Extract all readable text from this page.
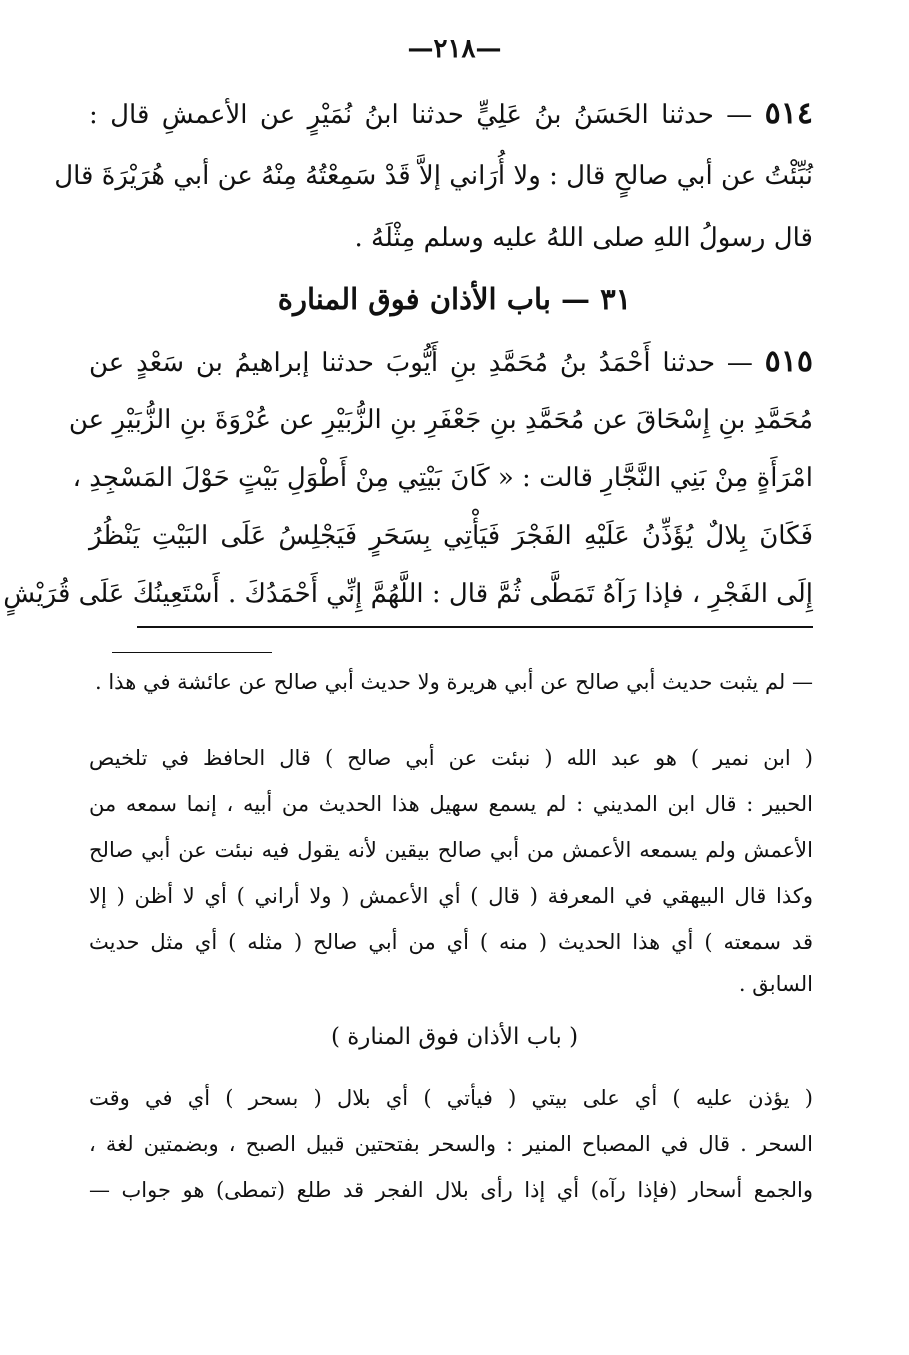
—٢١٨—
٥١٤ — حدثنا الحَسَنُ بنُ عَلِيٍّ حدثنا ابنُ نُمَيْرٍ عن الأعمشِ قال :
نُبِّئْتُ عن أبي صالحٍ قال : ولا أُرَاني إلاَّ قَدْ سَمِعْتُهُ مِنْهُ عن أبي هُرَيْرَةَ قال
قال رسولُ اللهِ صلى اللهُ عليه وسلم مِثْلَهُ .
٣١ — باب الأذان فوق المنارة
٥١٥ — حدثنا أَحْمَدُ بنُ مُحَمَّدِ بنِ أَيُّوبَ حدثنا إبراهيمُ بن سَعْدٍ عن
مُحَمَّدِ بنِ إِسْحَاقَ عن مُحَمَّدِ بنِ جَعْفَرِ بنِ الزُّبَيْرِ عن عُرْوَةَ بنِ الزُّبَيْرِ عن
امْرَأَةٍ مِنْ بَنِي النَّجَّارِ قالت : « كَانَ بَيْتِي مِنْ أَطْوَلِ بَيْتٍ حَوْلَ المَسْجِدِ ،
فَكَانَ بِلالٌ يُؤَذِّنُ عَلَيْهِ الفَجْرَ فَيَأْتِي بِسَحَرٍ فَيَجْلِسُ عَلَى البَيْتِ يَنْظُرُ
إِلَى الفَجْرِ ، فإذا رَآهُ تَمَطَّى ثُمَّ قال : اللَّهُمَّ إِنِّي أَحْمَدُكَ . أَسْتَعِينُكَ عَلَى قُرَيْشٍ
— لم يثبت حديث أبي صالح عن أبي هريرة ولا حديث أبي صالح عن عائشة في هذا .
( ابن نمير ) هو عبد الله ( نبئت عن أبي صالح ) قال الحافظ في تلخيص
الحبير : قال ابن المديني : لم يسمع سهيل هذا الحديث من أبيه ، إنما سمعه من
الأعمش ولم يسمعه الأعمش من أبي صالح بيقين لأنه يقول فيه نبئت عن أبي صالح
وكذا قال البيهقي في المعرفة ( قال ) أي الأعمش ( ولا أراني ) أي لا أظن ( إلا
قد سمعته ) أي هذا الحديث ( منه ) أي من أبي صالح ( مثله ) أي مثل حديث
السابق .
( باب الأذان فوق المنارة )
( يؤذن عليه ) أي على بيتي ( فيأتي ) أي بلال ( بسحر ) أي في وقت
السحر . قال في المصباح المنير : والسحر بفتحتين قبيل الصبح ، وبضمتين لغة ،
والجمع أسحار (فإذا رآه) أي إذا رأى بلال الفجر قد طلع (تمطى) هو جواب —
